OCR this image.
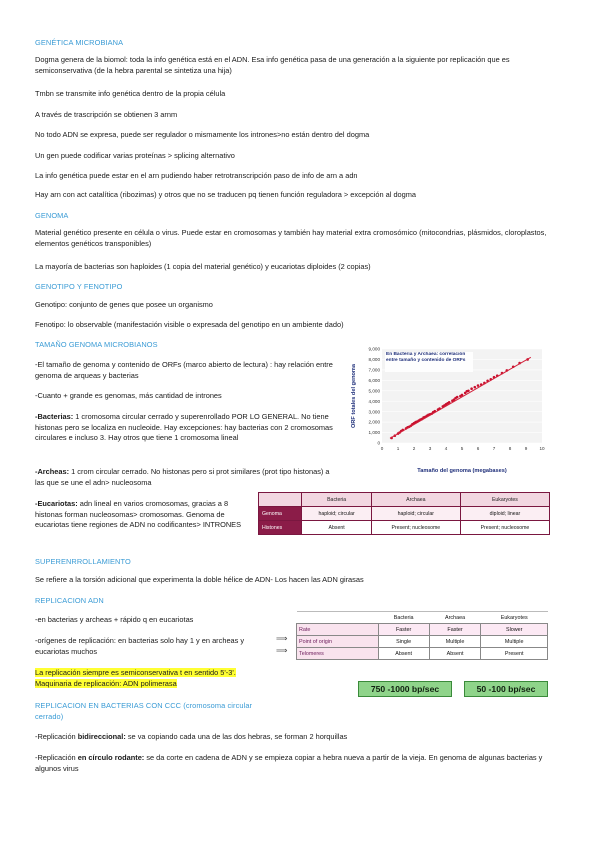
GENÉTICA MICROBIANA
Dogma genera de la biomol: toda la info genética está en el ADN. Esa info genética pasa de una generación a la siguiente por replicación que es semiconservativa (de la hebra parental se sintetiza una hija)
Tmbn se transmite info genética dentro de la propia célula
A través de trascripción se obtienen 3 arnm
No todo ADN se expresa, puede ser regulador o mismamente los intrones>no están dentro del dogma
Un gen puede codificar varias proteínas > splicing alternativo
La info genética puede estar en el arn pudiendo haber retrotranscripción paso de info de arn a adn
Hay arn con act catalítica (ribozimas) y otros que no se traducen pq tienen función reguladora > excepción al dogma
GENOMA
Material genético presente en célula o virus. Puede estar en cromosomas y también hay material extra cromosómico (mitocondrias, plásmidos, cloroplastos, elementos genéticos transponibles)
La mayoría de bacterias son haploides (1 copia del material genético) y eucariotas diploides (2 copias)
GENOTIPO Y FENOTIPO
Genotipo: conjunto de genes que posee un organismo
Fenotipo: lo observable (manifestación visible o expresada del genotipo en un ambiente dado)
TAMAÑO GENOMA MICROBIANOS
-El tamaño de genoma y contenido de ORFs (marco abierto de lectura) : hay relación entre genoma de arqueas y bacterias
-Cuanto + grande es genomas, más cantidad de intrones
-Bacterias: 1 cromosoma circular cerrado y superenrollado POR LO GENERAL. No tiene histonas pero se localiza en nucleoide. Hay excepciones: hay bacterias con 2 cromosomas circulares e incluso 3. Hay otros que tiene 1 cromosoma lineal
-Archeas: 1 crom circular cerrado. No histonas pero si prot similares (prot tipo histonas) a las que se une el adn> nucleosoma
-Eucariotas: adn lineal en varios cromosomas, gracias a 8 histonas forman nucleosomas> cromosomas. Genoma de eucariotas tiene regiones de ADN no codificantes> INTRONES
0
1,000
2,000
3,000
4,000
5,000
6,000
7,000
8,000
9,000
0	1	2	3	4	5	6	7	8	9	10
En Bacteria y Archaea: correlación entre tamaño y contenido de ORFs
Tamaño del genoma (megabases)
ORF totales del genoma
	Bacteria	Archaea	Eukaryotes
Genoma	haploid; circular	haploid; circular	diploid; linear
Histones	Absent	Present; nucleosome	Present; nucleosome
SUPERENRROLLAMIENTO
Se refiere a la torsión adicional que experimenta la doble hélice de ADN- Los hacen las ADN girasas
REPLICACION ADN
-en bacterias y archeas + rápido q en eucariotas
-orígenes de replicación: en bacterias solo hay 1 y en archeas y eucariotas muchos
La replicación siempre es semiconservativa t en sentido 5'-3'. Maquinaria de replicación: ADN polimerasa
⟹
⟹
	Bacteria	Archaea	Eukaryotes
Rate	Faster	Faster	Slower
Point of origin	Single	Multiple	Multiple
Telomeres	Absent	Absent	Present
750 -1000 bp/sec	50 -100 bp/sec
REPLICACION EN BACTERIAS CON CCC (cromosoma circular cerrado)
-Replicación bidireccional: se va copiando cada una de las dos hebras, se forman 2 horquillas
-Replicación en círculo rodante: se da corte en cadena de ADN y se empieza copiar a hebra nueva a partir de la vieja. En genoma de algunas bacterias y algunos virus
